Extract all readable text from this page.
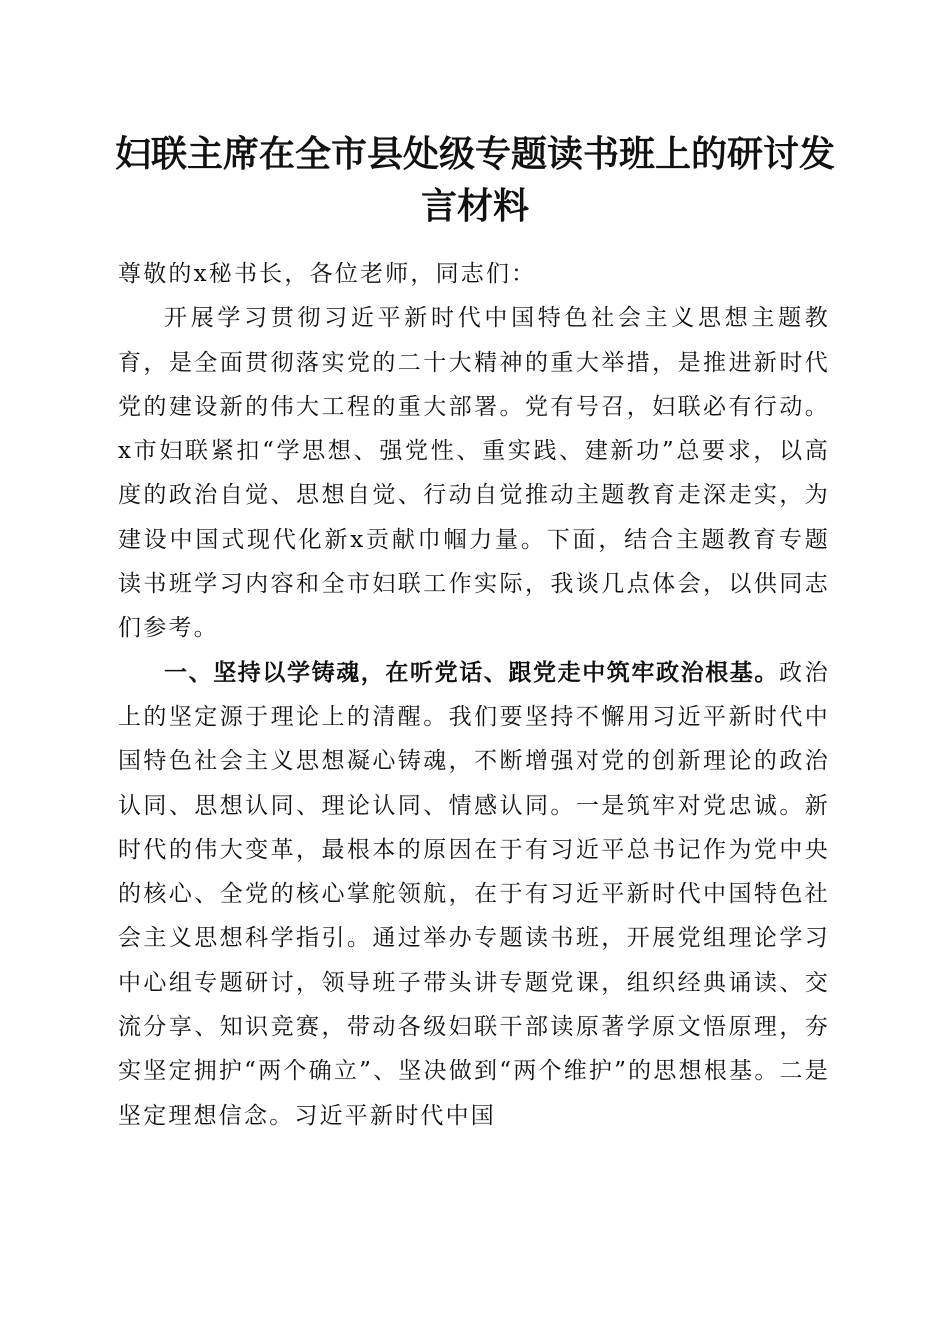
妇联主席在全市县处级专题读书班上的研讨发言材料

尊敬的x秘书长，各位老师，同志们：

开展学习贯彻习近平新时代中国特色社会主义思想主题教育，是全面贯彻落实党的二十大精神的重大举措，是推进新时代党的建设新的伟大工程的重大部署。党有号召，妇联必有行动。x市妇联紧扣“学思想、强党性、重实践、建新功”总要求，以高度的政治自觉、思想自觉、行动自觉推动主题教育走深走实，为建设中国式现代化新x贡献巾帼力量。下面，结合主题教育专题读书班学习内容和全市妇联工作实际，我谈几点体会，以供同志们参考。

一、坚持以学铸魂，在听党话、跟党走中筑牢政治根基。政治上的坚定源于理论上的清醒。我们要坚持不懈用习近平新时代中国特色社会主义思想凝心铸魂，不断增强对党的创新理论的政治认同、思想认同、理论认同、情感认同。一是筑牢对党忠诚。新时代的伟大变革，最根本的原因在于有习近平总书记作为党中央的核心、全党的核心掌舵领航，在于有习近平新时代中国特色社会主义思想科学指引。通过举办专题读书班，开展党组理论学习中心组专题研讨，领导班子带头讲专题党课，组织经典诵读、交流分享、知识竞赛，带动各级妇联干部读原著学原文悟原理，夯实坚定拥护“两个确立”、坚决做到“两个维护”的思想根基。二是坚定理想信念。习近平新时代中国
